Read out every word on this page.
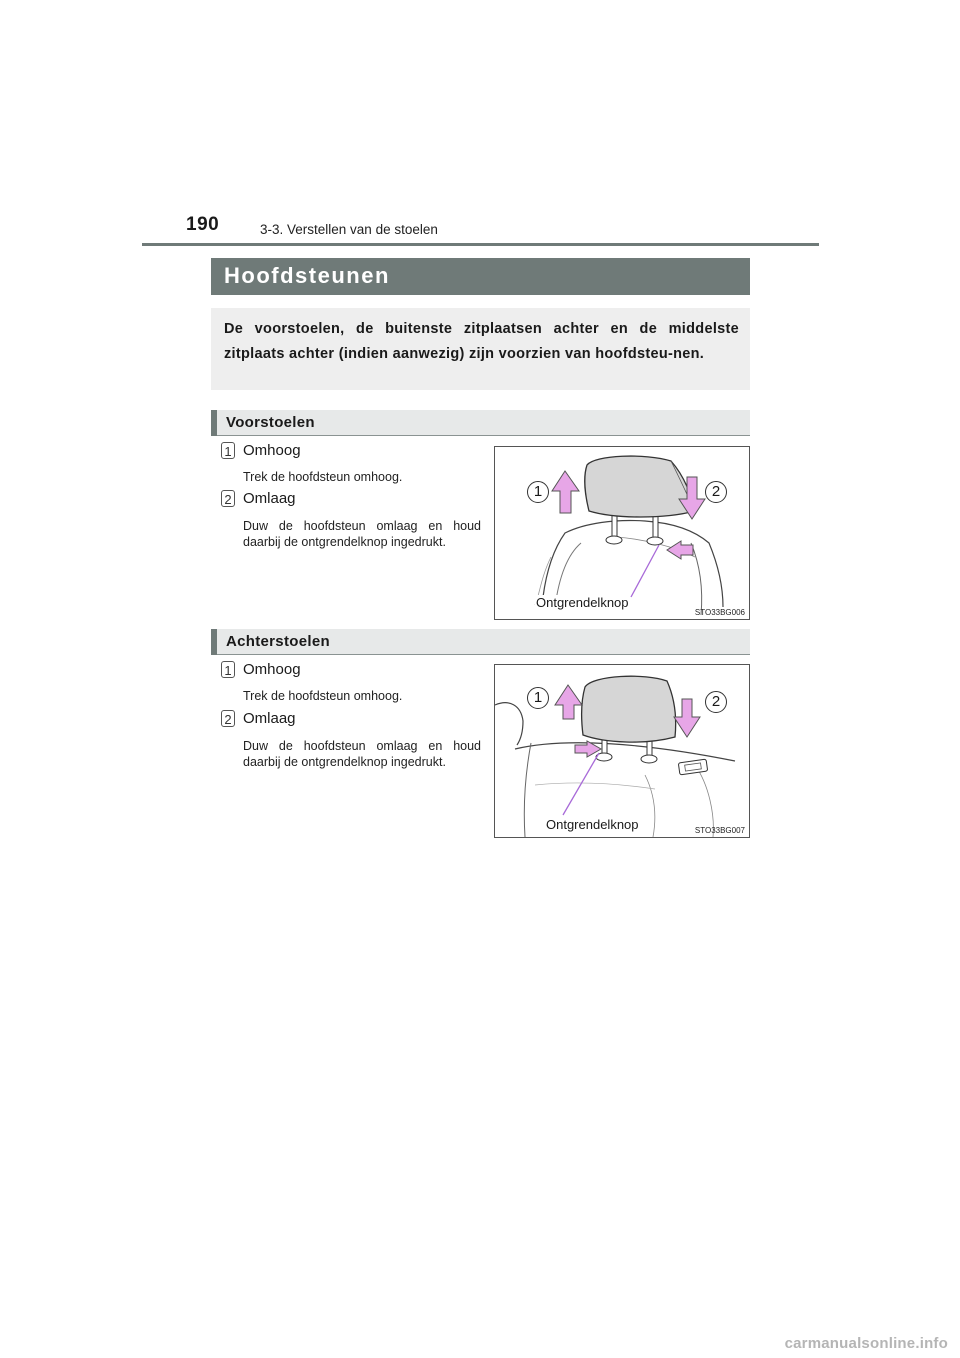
190	3-3. Verstellen van de stoelen
Hoofdsteunen
De voorstoelen, de buitenste zitplaatsen achter en de middelste zitplaats achter (indien aanwezig) zijn voorzien van hoofdsteu-nen.
Voorstoelen
1 Omhoog
Trek de hoofdsteun omhoog.
2 Omlaag
Duw de hoofdsteun omlaag en houd daarbij de ontgrendelknop ingedrukt.
1	2
Ontgrendelknop
STO33BG006
Achterstoelen
1 Omhoog
Trek de hoofdsteun omhoog.
2 Omlaag
Duw de hoofdsteun omlaag en houd daarbij de ontgrendelknop ingedrukt.
1	2
Ontgrendelknop	STO33BG007
carmanualsonline.info
